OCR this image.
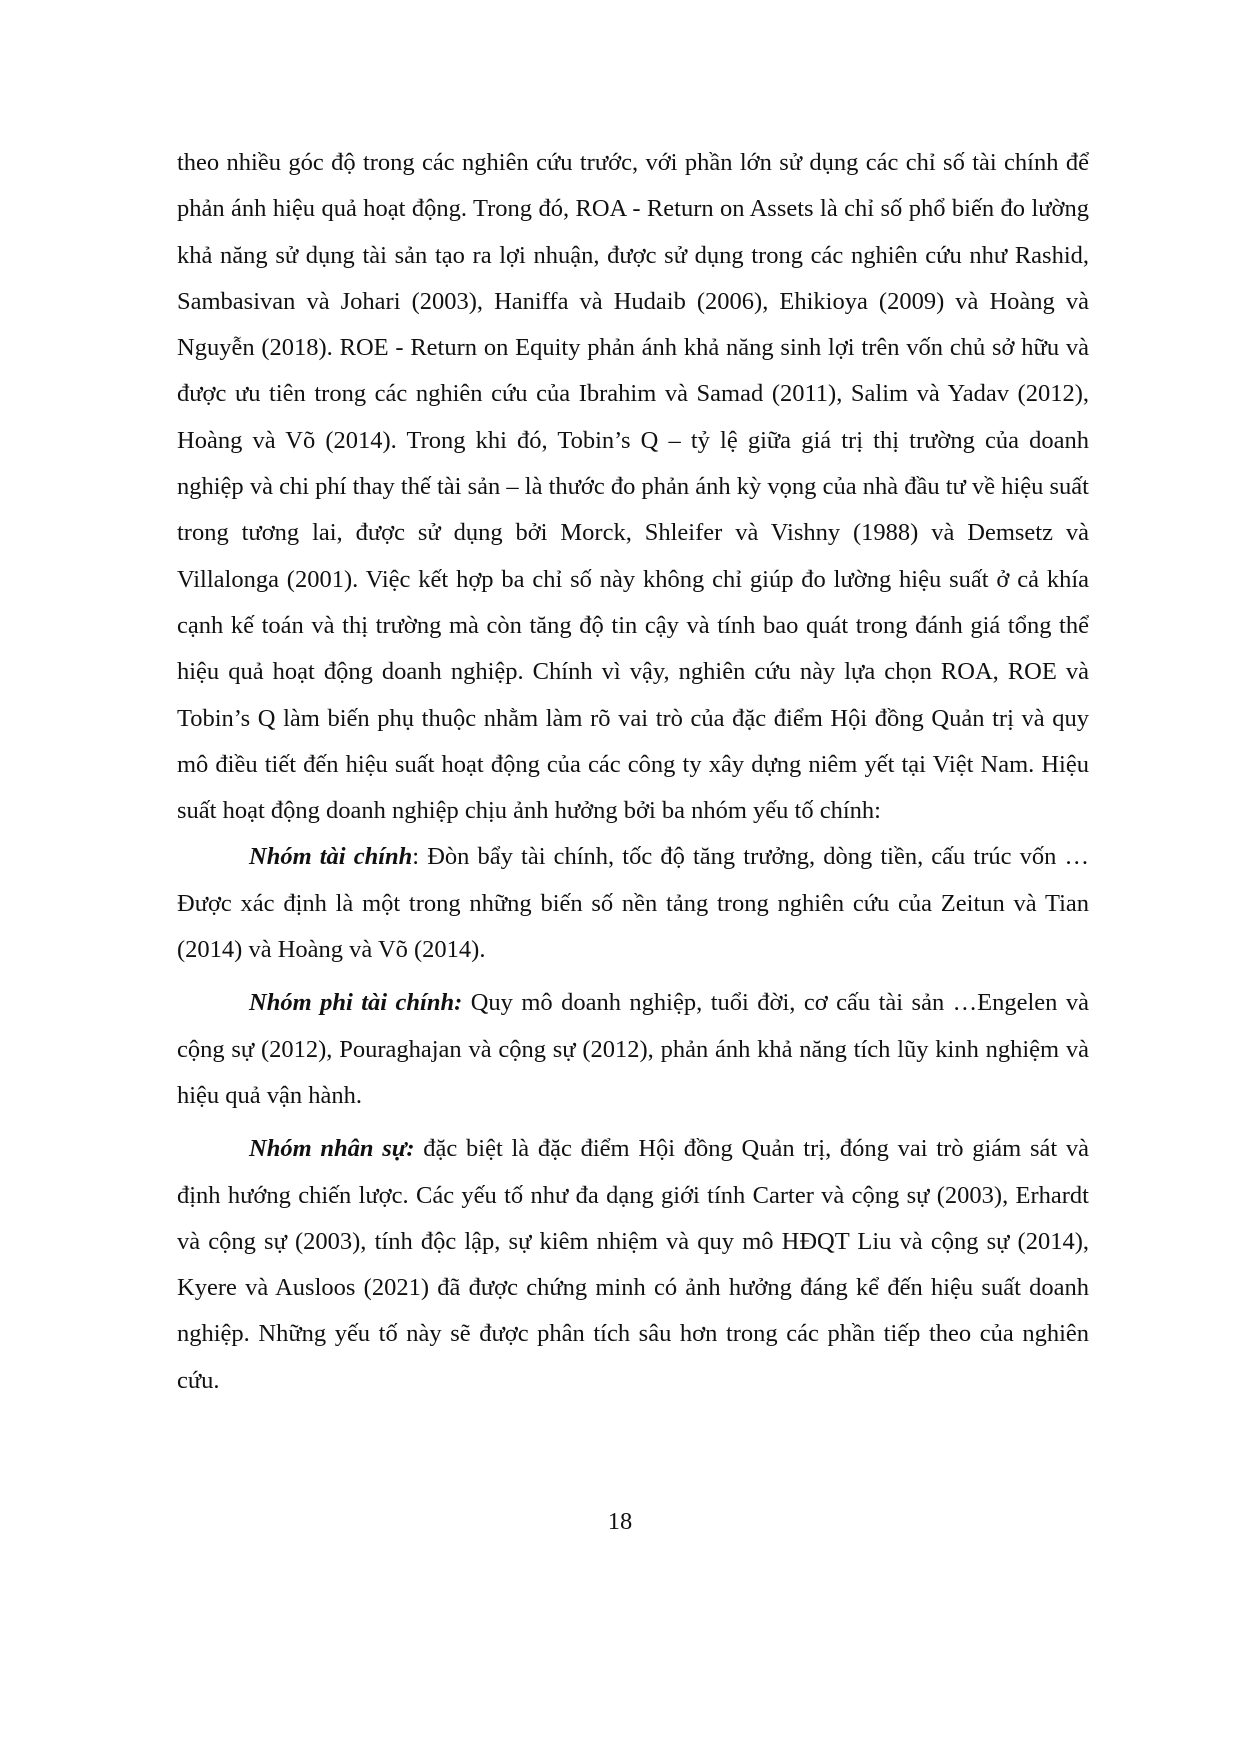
theo nhiều góc độ trong các nghiên cứu trước, với phần lớn sử dụng các chỉ số tài chính để phản ánh hiệu quả hoạt động. Trong đó, ROA - Return on Assets là chỉ số phổ biến đo lường khả năng sử dụng tài sản tạo ra lợi nhuận, được sử dụng trong các nghiên cứu như Rashid, Sambasivan và Johari (2003), Haniffa và Hudaib (2006), Ehikioya (2009) và Hoàng và Nguyễn (2018). ROE - Return on Equity phản ánh khả năng sinh lợi trên vốn chủ sở hữu và được ưu tiên trong các nghiên cứu của Ibrahim và Samad (2011), Salim và Yadav (2012), Hoàng và Võ (2014). Trong khi đó, Tobin’s Q – tỷ lệ giữa giá trị thị trường của doanh nghiệp và chi phí thay thế tài sản – là thước đo phản ánh kỳ vọng của nhà đầu tư về hiệu suất trong tương lai, được sử dụng bởi Morck, Shleifer và Vishny (1988) và Demsetz và Villalonga (2001). Việc kết hợp ba chỉ số này không chỉ giúp đo lường hiệu suất ở cả khía cạnh kế toán và thị trường mà còn tăng độ tin cậy và tính bao quát trong đánh giá tổng thể hiệu quả hoạt động doanh nghiệp. Chính vì vậy, nghiên cứu này lựa chọn ROA, ROE và Tobin’s Q làm biến phụ thuộc nhằm làm rõ vai trò của đặc điểm Hội đồng Quản trị và quy mô điều tiết đến hiệu suất hoạt động của các công ty xây dựng niêm yết tại Việt Nam. Hiệu suất hoạt động doanh nghiệp chịu ảnh hưởng bởi ba nhóm yếu tố chính:

Nhóm tài chính: Đòn bẩy tài chính, tốc độ tăng trưởng, dòng tiền, cấu trúc vốn … Được xác định là một trong những biến số nền tảng trong nghiên cứu của Zeitun và Tian (2014) và Hoàng và Võ (2014).

Nhóm phi tài chính: Quy mô doanh nghiệp, tuổi đời, cơ cấu tài sản …Engelen và cộng sự (2012), Pouraghajan và cộng sự (2012), phản ánh khả năng tích lũy kinh nghiệm và hiệu quả vận hành.

Nhóm nhân sự: đặc biệt là đặc điểm Hội đồng Quản trị, đóng vai trò giám sát và định hướng chiến lược. Các yếu tố như đa dạng giới tính Carter và cộng sự (2003), Erhardt và cộng sự (2003), tính độc lập, sự kiêm nhiệm và quy mô HĐQT Liu và cộng sự (2014), Kyere và Ausloos (2021) đã được chứng minh có ảnh hưởng đáng kể đến hiệu suất doanh nghiệp. Những yếu tố này sẽ được phân tích sâu hơn trong các phần tiếp theo của nghiên cứu.

18
